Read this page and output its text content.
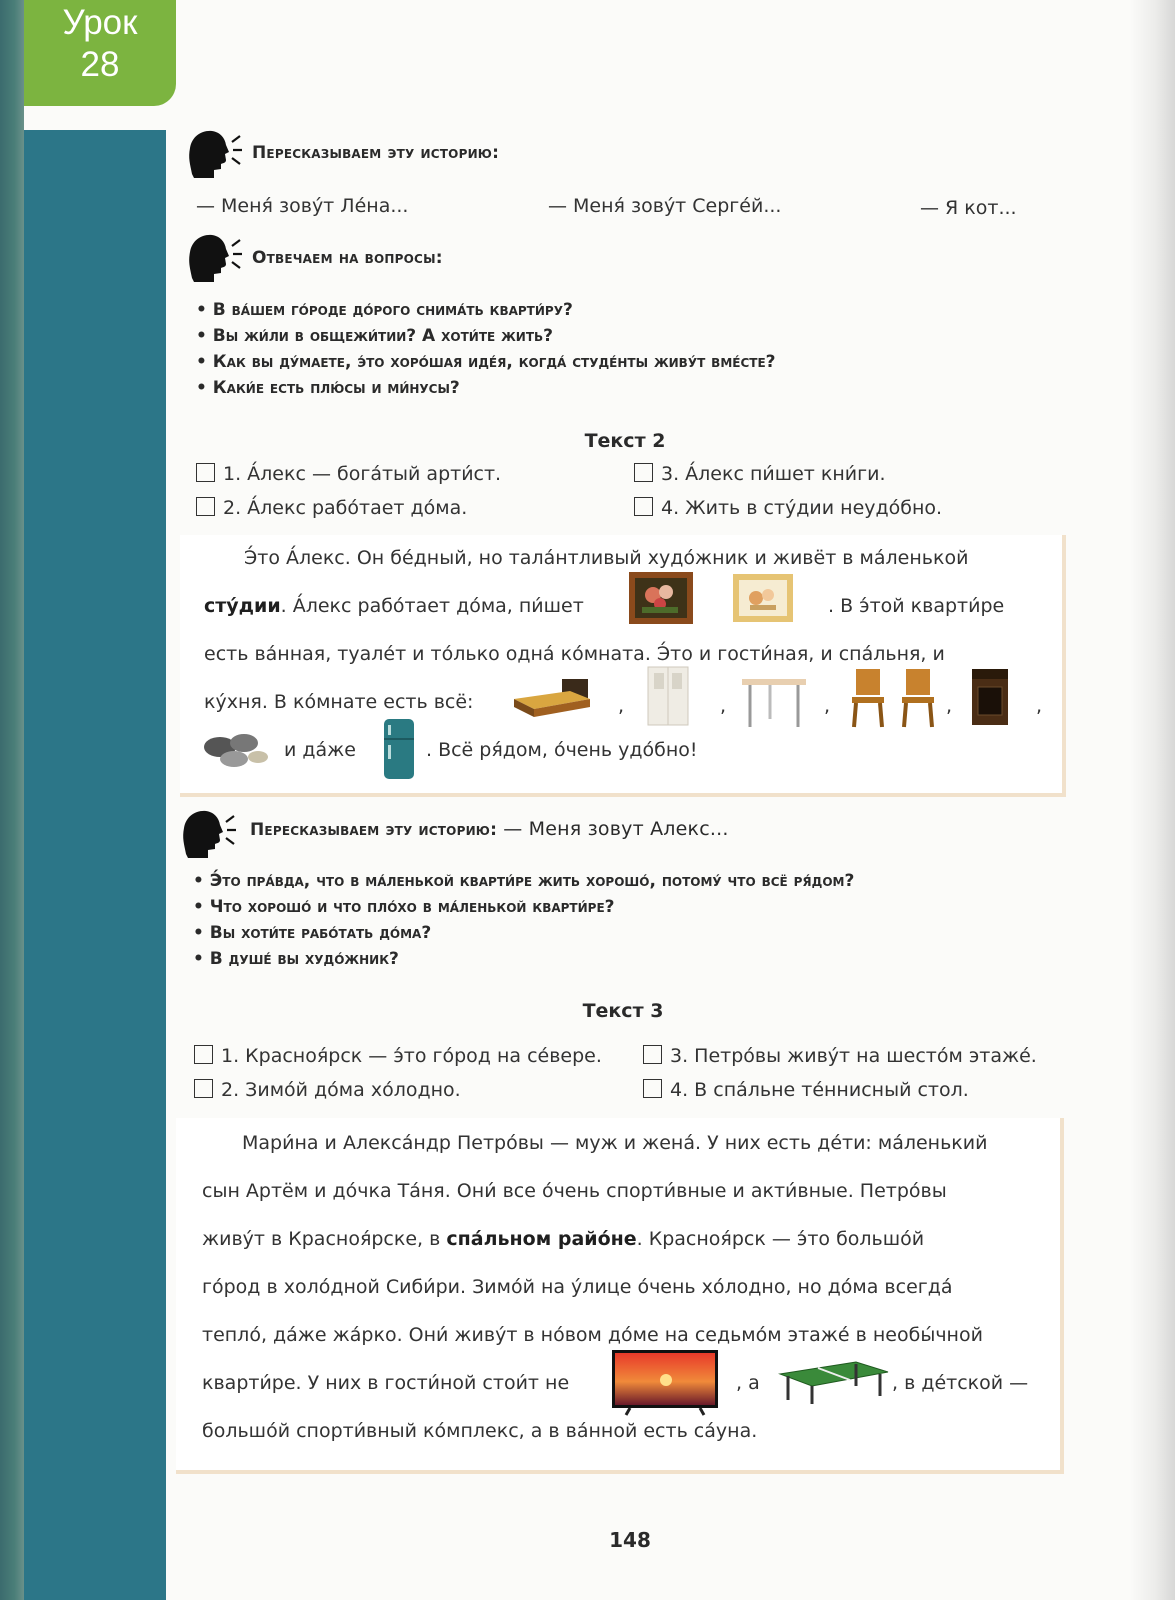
Урок
28
Пересказываем эту историю:
— Меня́ зову́т Ле́на...	— Меня́ зову́т Серге́й...	— Я кот...
Отвечаем на вопросы:
• В ва́шем го́роде до́рого снима́ть кварти́ру?
• Вы жи́ли в общежи́тии? А хоти́те жить?
• Как вы ду́маете, э́то хоро́шая иде́я, когда́ студе́нты живу́т вме́сте?
• Каки́е есть плю́сы и ми́нусы?
Текст 2
1. А́лекс — бога́тый арти́ст.	3. А́лекс пи́шет кни́ги.
2. А́лекс рабо́тает до́ма.	4. Жить в сту́дии неудо́бно.
Э́то А́лекс. Он бе́дный, но тала́нтливый худо́жник и живёт в ма́ленькой
сту́дии. А́лекс рабо́тает до́ма, пи́шет	. В э́той кварти́ре
есть ва́нная, туале́т и то́лько одна́ ко́мната. Э́то и гости́ная, и спа́льня, и
ку́хня. В ко́мнате есть всё:	,	,	,	,	,
и да́же	. Всё ря́дом, о́чень удо́бно!
Пересказываем эту историю: — Меня зовут Алекс...
• Э́то пра́вда, что в ма́ленькой кварти́ре жить хорошо́, потому́ что всё ря́дом?
• Что хорошо́ и что пло́хо в ма́ленькой кварти́ре?
• Вы хоти́те рабо́тать до́ма?
• В душе́ вы худо́жник?
Текст 3
1. Красноя́рск — э́то го́род на се́вере.	3. Петро́вы живу́т на шесто́м этаже́.
2. Зимо́й до́ма хо́лодно.	4. В спа́льне те́ннисный стол.
Мари́на и Алекса́ндр Петро́вы — муж и жена́. У них есть де́ти: ма́ленький
сын Артём и до́чка Та́ня. Они́ все о́чень спорти́вные и акти́вные. Петро́вы
живу́т в Красноя́рске, в спа́льном райо́не. Красноя́рск — э́то большо́й
го́род в холо́дной Сиби́ри. Зимо́й на у́лице о́чень хо́лодно, но до́ма всегда́
тепло́, да́же жа́рко. Они́ живу́т в но́вом до́ме на седьмо́м этаже́ в необы́чной
кварти́ре. У них в гости́ной стои́т не	, а	, в де́тской —
большо́й спорти́вный ко́мплекс, а в ва́нной есть са́уна.
148
